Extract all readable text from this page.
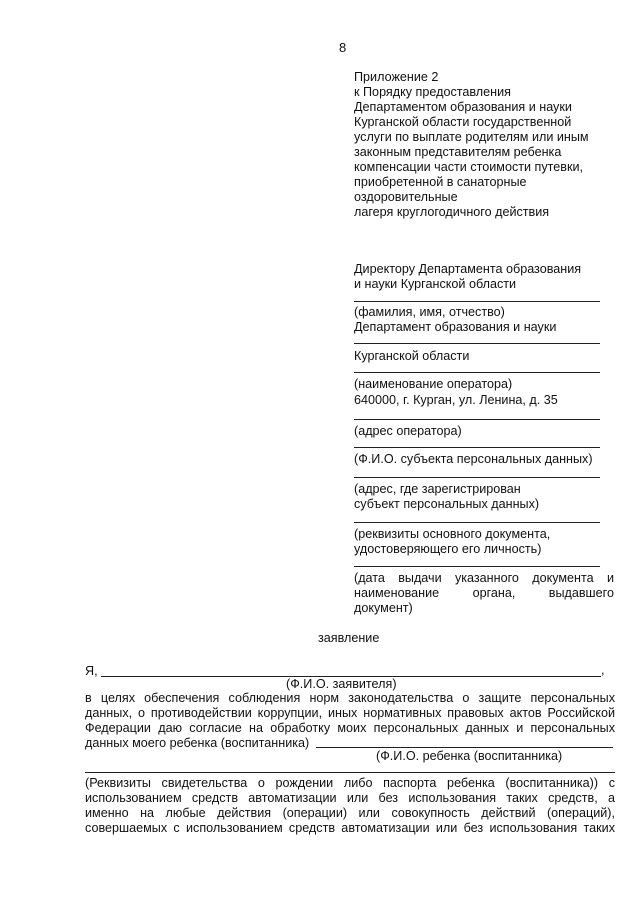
8
Приложение 2
к Порядку предоставления
Департаментом образования и науки
Курганской области государственной
услуги по выплате родителям или иным
законным представителям ребенка
компенсации части стоимости путевки,
приобретенной в санаторные
оздоровительные
лагеря круглогодичного действия
Директору Департамента образования
и науки Курганской области
(фамилия, имя, отчество)
Департамент образования и науки
Курганской области
(наименование оператора)
640000, г. Курган, ул. Ленина, д. 35
(адрес оператора)
(Ф.И.О. субъекта персональных данных)
(адрес, где зарегистрирован
субъект персональных данных)
(реквизиты основного документа,
удостоверяющего его личность)
(дата выдачи указанного документа и
наименование органа, выдавшего
документ)
заявление
Я,	,
(Ф.И.О. заявителя)
в целях обеспечения соблюдения норм законодательства о защите персональных
данных, о противодействии коррупции, иных нормативных правовых актов Российской
Федерации даю согласие на обработку моих персональных данных и персональных
данных моего ребенка (воспитанника)
(Ф.И.О. ребенка (воспитанника)
(Реквизиты свидетельства о рождении либо паспорта ребенка (воспитанника)) с
использованием средств автоматизации или без использования таких средств, а
именно на любые действия (операции) или совокупность действий (операций),
совершаемых с использованием средств автоматизации или без использования таких
